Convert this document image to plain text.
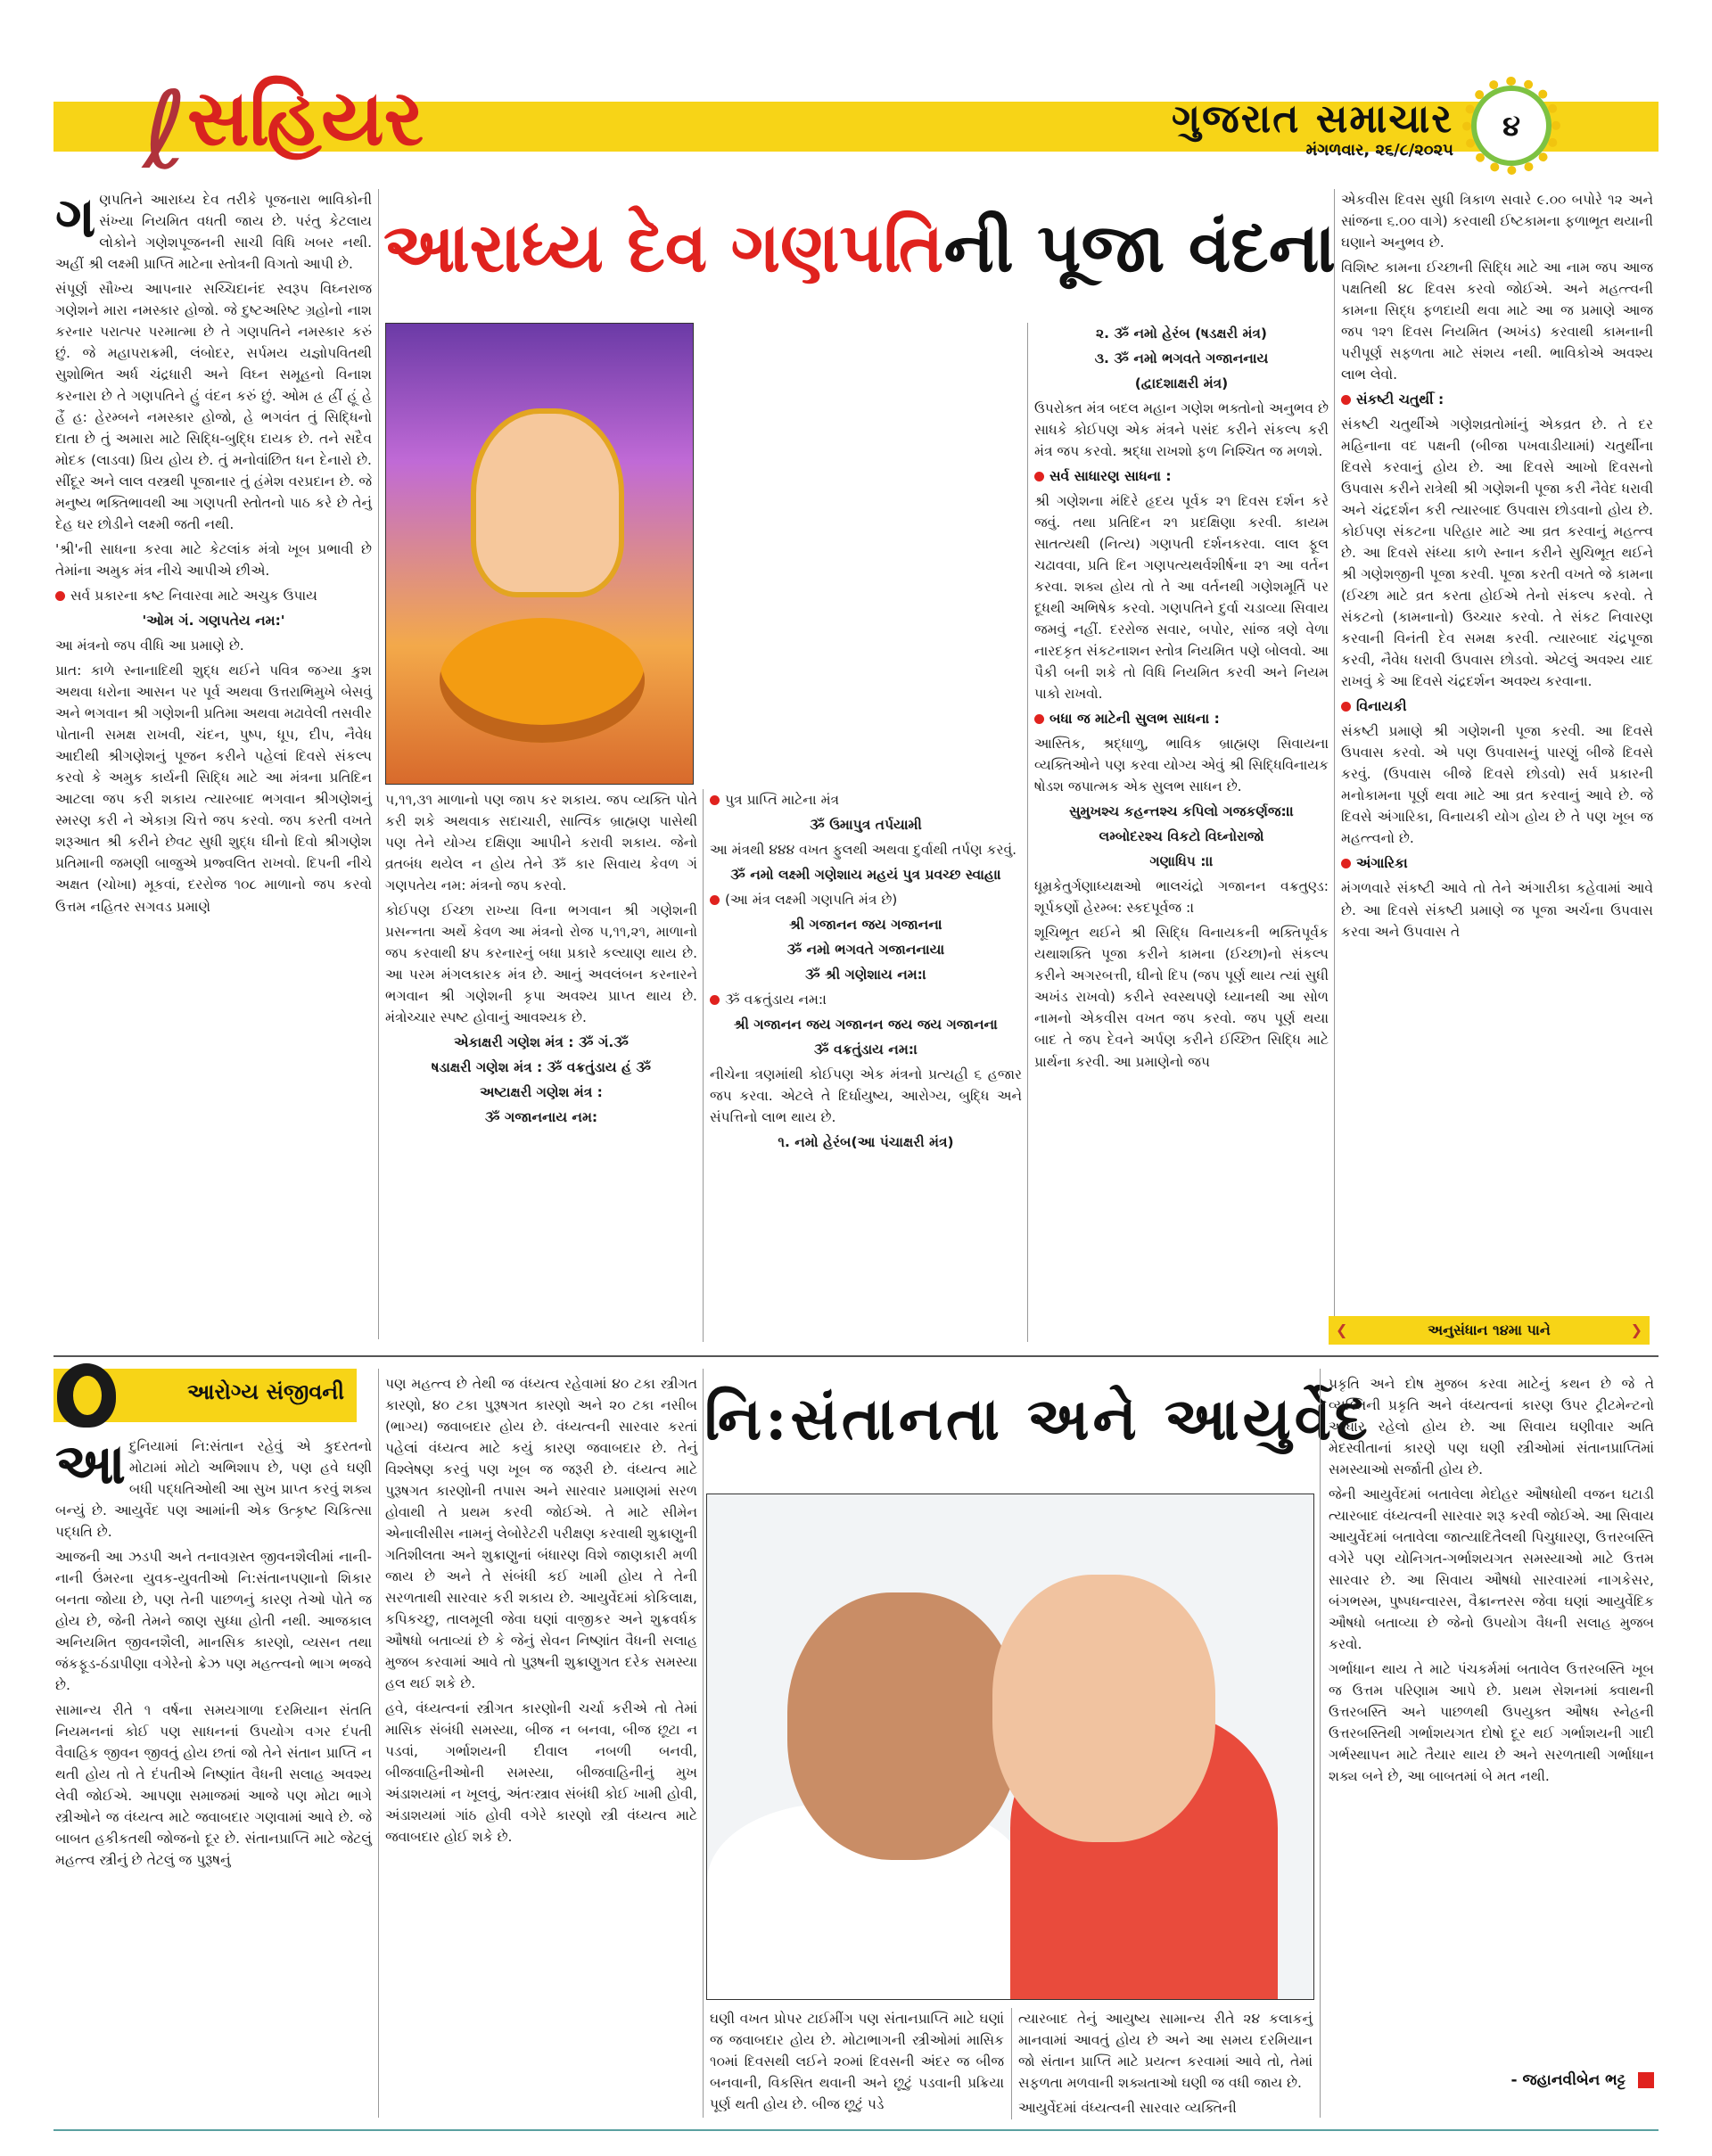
ℓ સહિયર	ગુજરાત સમાચાર
મંગળવાર, ૨૬/૮/૨૦૨૫
૪
આરાધ્ય દેવ ગણપતિની પૂજા વંદના

ગણપતિને આરાધ્ય દેવ તરીકે પૂજનારા ભાવિકોની સંખ્યા નિયમિત વધતી જાય છે. પરંતુ કેટલાય લોકોને ગણેશપૂજનની સાચી વિધિ ખબર નથી. અહીં શ્રી લક્ષ્મી પ્રાપ્તિ માટેના સ્તોત્રની વિગતો આપી છે.

સંપૂર્ણ સૌખ્ય આપનાર સચ્ચિદાનંદ સ્વરૂપ વિઘ્નરાજ ગણેશને મારા નમસ્કાર હોજો. જે દુષ્ટઅરિષ્ટ ગ્રહોનો નાશ કરનાર પરાત્પર પરમાત્મા છે તે ગણપતિને નમસ્કાર કરું છું. જે મહાપરાક્રમી, લંબોદર, સર્પમય યજ્ઞોપવિતથી સુશોભિત અર્ધ ચંદ્રધારી અને વિઘ્ન સમૂહનો વિનાશ કરનારા છે તે ગણપતિને હું વંદન કરું છું. ઓમ હ્ર હ્રીં હૂં હે હૈં હ: હેરમ્બને નમસ્કાર હોજો, હે ભગવંત તું સિદ્ધિનો દાતા છે તું અમારા માટે સિદ્ધિ-બુદ્ધિ દાયક છે. તને સદૈવ મોદક (લાડવા) પ્રિય હોય છે. તું મનોવાંછિત ધન દેનારો છે. સીંદૂર અને લાલ વસ્ત્રથી પૂજાનાર તું હંમેશ વરપ્રદાન છે. જે મનુષ્ય ભક્તિભાવથી આ ગણપતી સ્તોતનો પાઠ કરે છે તેનું દેહ ઘર છોડીને લક્ષ્મી જતી નથી.

'શ્રી'ની સાધના કરવા માટે કેટલાંક મંત્રો ખૂબ પ્રભાવી છે તેમાંના અમુક મંત્ર નીચે આપીએ છીએ.

સર્વ પ્રકારના કષ્ટ નિવારવા માટે અચુક ઉપાય

'ઓમ ગં. ગણપતેય નમ:'

આ મંત્રનો જપ વીધિ આ પ્રમાણે છે.

પ્રાત: કાળે સ્નાનાદિથી શુદ્ધ થઈને પવિત્ર જગ્યા કુશ અથવા ધરોના આસન પર પૂર્વ અથવા ઉત્તરાભિમુખે બેસવું અને ભગવાન શ્રી ગણેશની પ્રતિમા અથવા મઢાવેલી તસવીર પોતાની સમક્ષ રાખવી, ચંદન, પુષ્પ, ધૂપ, દીપ, નૈવેધ આદીથી શ્રીગણેશનું પૂજન કરીને પહેલાં દિવસે સંકલ્પ કરવો કે અમુક કાર્યની સિદ્ધિ માટે આ મંત્રના પ્રતિદિન આટલા જપ કરી શકાય ત્યારબાદ ભગવાન શ્રીગણેશનું સ્મરણ કરી ને એકાગ્ર ચિત્તે જપ કરવો. જપ કરતી વખતે શરૂઆત શ્રી કરીને છેવટ સુધી શુદ્ધ ઘીનો દિવો શ્રીગણેશ પ્રતિમાની જમણી બાજુએ પ્રજ્વલિત રાખવો. દિપની નીચે અક્ષત (ચોખા) મૂકવાં, દરરોજ ૧૦૮ માળાનો જપ કરવો ઉત્તમ નહિતર સગવડ પ્રમાણે

૫,૧૧,૩૧ માળાનો પણ જાપ કર શકાય. જપ વ્યક્તિ પોતે કરી શકે અથવાક સદાચારી, સાત્વિક બ્રાહ્મણ પાસેથી પણ તેને યોગ્ય દક્ષિણા આપીને કરાવી શકાય. જેનો વ્રતબંધ થયેલ ન હોય તેને ૐ કાર સિવાય કેવળ ગં ગણપતેય નમ: મંત્રનો જપ કરવો.

કોઈપણ ઈચ્છા રાખ્યા વિના ભગવાન શ્રી ગણેશની પ્રસન્નતા અર્થે કેવળ આ મંત્રનો રોજ ૫,૧૧,૨૧, માળાનો જપ કરવાથી ૪૫ કરનારનું બધા પ્રકારે કલ્યાણ થાય છે. આ પરમ મંગલકારક મંત્ર છે. આનું અવલંબન કરનારને ભગવાન શ્રી ગણેશની કૃપા અવશ્ય પ્રાપ્ત થાય છે. મંત્રોચ્ચાર સ્પષ્ટ હોવાનું આવશ્યક છે.

એકાક્ષરી ગણેશ મંત્ર : ૐ ગં.ૐ

ષડાક્ષરી ગણેશ મંત્ર : ૐ વક્રતુંડાય હં ૐ

અષ્ટાક્ષરી ગણેશ મંત્ર :

ૐ ગજાનનાય નમ:

પુત્ર પ્રાપ્તિ માટેના મંત્ર

ૐ ઉમાપુત્ર તર્પયામી

આ મંત્રથી ૪૪૪ વખત ફુલથી અથવા દુર્વાથી તર્પણ કરવું.

ૐ નમો લક્ષ્મી ગણેશાય મહયં પુત્ર પ્રવચ્છ સ્વાહા।

(આ મંત્ર લક્ષ્મી ગણપતિ મંત્ર છે)

શ્રી ગજાનન જય ગજાનન।

ૐ નમો ભગવતે ગજાનનાય।

ૐ શ્રી ગણેશાય નમ:।

ૐ વક્રતુંડાય નમ:।

શ્રી ગજાનન જય ગજાનન જય જય ગજાનન।

ૐ વક્રતુંડાય નમ:।

નીચેના ત્રણમાંથી કોઈપણ એક મંત્રનો પ્રત્યહી ૬ હજાર જપ કરવા. એટલે તે દિર્ઘાયુષ્ય, આરોગ્ય, બુદ્ધિ અને સંપત્તિનો લાભ થાય છે.

૧. નમો હેરંબ(આ પંચાક્ષરી મંત્ર)

૨. ૐ નમો હેરંબ (ષડક્ષરી મંત્ર)

૩. ૐ નમો ભગવતે ગજાનનાય

(દ્વાદશાક્ષરી મંત્ર)

ઉપરોક્ત મંત્ર બદલ મહાન ગણેશ ભક્તોનો અનુભવ છે સાધકે કોઈપણ એક મંત્રને પસંદ કરીને સંકલ્પ કરી મંત્ર જપ કરવો. શ્રદ્ધા રાખશો ફળ નિશ્ચિત જ મળશે.

સર્વ સાધારણ સાધના :

શ્રી ગણેશના મંદિરે હૃદય પૂર્વક ૨૧ દિવસ દર્શન કરે જવું. તથા પ્રતિદિન ૨૧ પ્રદક્ષિણા કરવી. કાયમ સાતત્યથી (નિત્ય) ગણપતી દર્શનકરવા. લાલ ફૂલ ચઢાવવા, પ્રતિ દિન ગણપત્યથર્વશીર્ષના ૨૧ આ વર્તન કરવા. શક્ય હોય તો તે આ વર્તનથી ગણેશમૂર્તિ પર દૂધથી અભિષેક કરવો. ગણપતિને દુર્વા ચડાવ્યા સિવાય જમવું નહીં. દરરોજ સવાર, બપોર, સાંજ ત્રણે વેળા નારદકૃત સંકટનાશન સ્તોત્ર નિયમિત પણે બોલવો. આ પૈકી બની શકે તો વિધિ નિયમિત કરવી અને નિયમ પાકો રાખવો.

બધા જ માટેની સુલભ સાધના :

આસ્તિક, શ્રદ્ધાળુ, ભાવિક બ્રાહ્મણ સિવાયના વ્યક્તિઓને પણ કરવા યોગ્ય એવું શ્રી સિદ્ધિવિનાયક ષોડશ જપાત્મક એક સુલભ સાધન છે.

સુમુખશ્ચ કહન્તશ્ચ કપિલો ગજકર્ણજ:।।

લમ્બોદરશ્ચ વિકટો વિઘ્નોરાજો

ગણાધિપ :।।

ધૂમ્રકેતુર્ગણાધ્યક્ષઓ ભાલચંદ્રો ગજાનન વક્રતુણ્ડ: શૂર્પકર્ણો હેરમ્બ: સ્કદપૂર્વજ :।

શૂચિભૂત થઈને શ્રી સિદ્ધિ વિનાયકની ભક્તિપૂર્વક યથાશક્તિ પૂજા કરીને કામના (ઈચ્છા)નો સંકલ્પ કરીને અગરબત્તી, ઘીનો દિપ (જપ પૂર્ણ થાય ત્યાં સુધી અખંડ રાખવો) કરીને સ્વસ્થપણે ધ્યાનથી આ સોળ નામનો એકવીસ વખત જપ કરવો. જપ પૂર્ણ થયા બાદ તે જપ દેવને અર્પણ કરીને ઈચ્છિત સિદ્ધિ માટે પ્રાર્થના કરવી. આ પ્રમાણેનો જપ

એકવીસ દિવસ સુધી ત્રિકાળ સવારે ૯.૦૦ બપોરે ૧૨ અને સાંજના ૬.૦૦ વાગે) કરવાથી ઈષ્ટકામના ફળાભૂત થયાની ઘણાને અનુભવ છે.

વિશિષ્ટ કામના ઈચ્છાની સિદ્ધિ માટે આ નામ જપ આજ પક્ષતિથી ૪૮ દિવસ કરવો જોઈએ. અને મહત્ત્વની કામના સિદ્ધ ફળદાયી થવા માટે આ જ પ્રમાણે આજ જપ ૧૨૧ દિવસ નિયમિત (અખંડ) કરવાથી કામનાની પરીપૂર્ણ સફળતા માટે સંશય નથી. ભાવિકોએ અવશ્ય લાભ લેવો.

સંકષ્ટી ચતુર્થી :

સંકષ્ટી ચતુર્થીએ ગણેશવ્રતોમાંનું એકવ્રત છે. તે દર મહિનાના વદ પક્ષની (બીજા પખવાડીયામાં) ચતુર્થીના દિવસે કરવાનું હોય છે. આ દિવસે આખો દિવસનો ઉપવાસ કરીને રાત્રેથી શ્રી ગણેશની પૂજા કરી નૈવેદ ધરાવી અને ચંદ્રદર્શન કરી ત્યારબાદ ઉપવાસ છોડવાનો હોય છે. કોઈપણ સંકટના પરિહાર માટે આ વ્રત કરવાનું મહત્ત્વ છે. આ દિવસે સંધ્યા કાળે સ્નાન કરીને સુચિભૂત થઈને શ્રી ગણેશજીની પૂજા કરવી. પૂજા કરતી વખતે જે કામના (ઈચ્છા માટે વ્રત કરતા હોઈએ તેનો સંકલ્પ કરવો. તે સંકટનો (કામનાનો) ઉચ્ચાર કરવો. તે સંકટ નિવારણ કરવાની વિનંતી દેવ સમક્ષ કરવી. ત્યારબાદ ચંદ્રપૂજા કરવી, નૈવેધ ધરાવી ઉપવાસ છોડવો. એટલું અવશ્ય યાદ રાખવું કે આ દિવસે ચંદ્રદર્શન અવશ્ય કરવાના.

વિનાયકી

સંકષ્ટી પ્રમાણે શ્રી ગણેશની પૂજા કરવી. આ દિવસે ઉપવાસ કરવો. એ પણ ઉપવાસનું પારણું બીજે દિવસે કરવું. (ઉપવાસ બીજે દિવસે છોડવો) સર્વ પ્રકારની મનોકામના પૂર્ણ થવા માટે આ વ્રત કરવાનું આવે છે. જે દિવસે અંગારિકા, વિનાયકી યોગ હોય છે તે પણ ખૂબ જ મહત્ત્વનો છે.

અંગારિકા

મંગળવારે સંકષ્ટી આવે તો તેને અંગારીકા કહેવામાં આવે છે. આ દિવસે સંકષ્ટી પ્રમાણે જ પૂજા અર્ચના ઉપવાસ કરવા અને ઉપવાસ તે

❮ અનુસંધાન ૧૪મા પાને ❯
આરોગ્ય સંજીવની	નિ:સંતાનતા અને આયુર્વેદ

આદુનિયામાં નિ:સંતાન રહેવું એ કુદરતનો મોટામાં મોટો અભિશાપ છે, પણ હવે ઘણી બધી પદ્ધતિઓથી આ સુખ પ્રાપ્ત કરવું શક્ય બન્યું છે. આયુર્વેદ પણ આમાંની એક ઉત્કૃષ્ટ ચિકિત્સા પદ્ધતિ છે.

આજની આ ઝડપી અને તનાવગ્રસ્ત જીવનશૈલીમાં નાની-નાની ઉંમરના યુવક-યુવતીઓ નિ:સંતાનપણાનો શિકાર બનતા જોયા છે, પણ તેની પાછળનું કારણ તેઓ પોતે જ હોય છે, જેની તેમને જાણ સુધ્ધા હોતી નથી. આજકાલ અનિયમિત જીવનશૈલી, માનસિક કારણો, વ્યસન તથા જંકફૂડ-ઠંડાપીણા વગેરેનો ક્રેઝ પણ મહત્ત્વનો ભાગ ભજવે છે.

સામાન્ય રીતે ૧ વર્ષના સમયગાળા દરમિયાન સંતતિ નિયમનનાં કોઈ પણ સાધનનાં ઉપયોગ વગર દંપતી વૈવાહિક જીવન જીવતું હોય છતાં જો તેને સંતાન પ્રાપ્તિ ન થતી હોય તો તે દંપતીએ નિષ્ણાંત વૈધની સલાહ અવશ્ય લેવી જોઈએ. આપણા સમાજમાં આજે પણ મોટા ભાગે સ્ત્રીઓને જ વંધ્યત્વ માટે જવાબદાર ગણવામાં આવે છે. જે બાબત હકીકતથી જોજનો દૂર છે. સંતાનપ્રાપ્તિ માટે જેટલું મહત્ત્વ સ્ત્રીનું છે તેટલું જ પુરૂષનું

પણ મહત્ત્વ છે તેથી જ વંધ્યત્વ રહેવામાં ૪૦ ટકા સ્ત્રીગત કારણો, ૪૦ ટકા પુરૂષગત કારણો અને ૨૦ ટકા નસીબ (ભાગ્ય) જવાબદાર હોય છે. વંધ્યત્વની સારવાર કરતાં પહેલાં વંધ્યત્વ માટે કયું કારણ જવાબદાર છે. તેનું વિશ્લેષણ કરવું પણ ખૂબ જ જરૂરી છે. વંધ્યત્વ માટે પુરૂષગત કારણોની તપાસ અને સારવાર પ્રમાણમાં સરળ હોવાથી તે પ્રથમ કરવી જોઈએ. તે માટે સીમેન એનાલીસીસ નામનું લેબોરેટરી પરીક્ષણ કરવાથી શુક્રાણુની ગતિશીલતા અને શુક્રાણુનાં બંધારણ વિશે જાણકારી મળી જાય છે અને તે સંબંધી કઈ ખામી હોય તે તેની સરળતાથી સારવાર કરી શકાય છે. આયુર્વેદમાં કોકિલાક્ષ, કપિકચ્છુ, તાલમૂલી જેવા ઘણાં વાજીકર અને શુક્રવર્ધક ઔષધો બતાવ્યાં છે કે જેનું સેવન નિષ્ણાંત વૈધની સલાહ મુજબ કરવામાં આવે તો પુરૂષની શુક્રાણુગત દરેક સમસ્યા હલ થઈ શકે છે.

હવે, વંધ્યત્વનાં સ્ત્રીગત કારણોની ચર્ચા કરીએ તો તેમાં માસિક સંબંધી સમસ્યા, બીજ ન બનવા, બીજ છૂટા ન પડવાં, ગર્ભાશયની દીવાલ નબળી બનવી, બીજવાહિનીઓની સમસ્યા, બીજવાહિનીનું મુખ અંડાશયમાં ન ખૂલવું, અંતઃસ્ત્રાવ સંબંધી કોઈ ખામી હોવી, અંડાશયમાં ગાંઠ હોવી વગેરે કારણો સ્ત્રી વંધ્યત્વ માટે જવાબદાર હોઈ શકે છે.

ઘણી વખત પ્રોપર ટાઈમીંગ પણ સંતાનપ્રાપ્તિ માટે ઘણાં જ જવાબદાર હોય છે. મોટાભાગની સ્ત્રીઓમાં માસિક ૧૦માં દિવસથી લઈને ૨૦માં દિવસની અંદર જ બીજ બનવાની, વિકસિત થવાની અને છૂટું પડવાની પ્રક્રિયા પૂર્ણ થતી હોય છે. બીજ છૂટું પડે

ત્યારબાદ તેનું આયુષ્ય સામાન્ય રીતે ૨૪ કલાકનું માનવામાં આવતું હોય છે અને આ સમય દરમિયાન જો સંતાન પ્રાપ્તિ માટે પ્રયત્ન કરવામાં આવે તો, તેમાં સફળતા મળવાની શક્યતાઓ ઘણી જ વધી જાય છે.

આયુર્વેદમાં વંધ્યત્વની સારવાર વ્યક્તિની

પ્રકૃતિ અને દોષ મુજબ કરવા માટેનું કથન છે જે તે વ્યક્તિની પ્રકૃતિ અને વંધ્યત્વનાં કારણ ઉપર ટ્રીટમેન્ટનો આધાર રહેલો હોય છે. આ સિવાય ઘણીવાર અતિ મેદસ્વીતાનાં કારણે પણ ઘણી સ્ત્રીઓમાં સંતાનપ્રાપ્તિમાં સમસ્યાઓ સર્જાતી હોય છે.

જેની આયુર્વેદમાં બતાવેલા મેદોહર ઔષધોથી વજન ઘટાડી ત્યારબાદ વંધ્યત્વની સારવાર શરૂ કરવી જોઈએ. આ સિવાય આયુર્વેદમાં બતાવેલા જાત્યાદિતૈલથી પિચુધારણ, ઉત્તરબસ્તિ વગેરે પણ યોનિગત-ગર્ભાશયગત સમસ્યાઓ માટે ઉત્તમ સારવાર છે. આ સિવાય ઔષધો સારવારમાં નાગકેસર, બંગભસ્મ, પુષ્પધન્વારસ, વૈક્રાન્તરસ જેવા ઘણાં આયુર્વેદિક ઔષધો બતાવ્યા છે જેનો ઉપયોગ વૈધની સલાહ મુજબ કરવો.

ગર્ભાધાન થાય તે માટે પંચકર્મમાં બતાવેલ ઉત્તરબસ્તિ ખૂબ જ ઉત્તમ પરિણામ આપે છે. પ્રથમ સેશનમાં ક્વાથની ઉત્તરબસ્તિ અને પાછળથી ઉપયુક્ત ઔષધ સ્નેહની ઉત્તરબસ્તિથી ગર્ભાશયગત દોષો દૂર થઈ ગર્ભાશયની ગાદી ગર્ભસ્થાપન માટે તૈયાર થાય છે અને સરળતાથી ગર્ભાધાન શક્ય બને છે, આ બાબતમાં બે મત નથી.

- જહાનવીબેન ભટ્ટ
